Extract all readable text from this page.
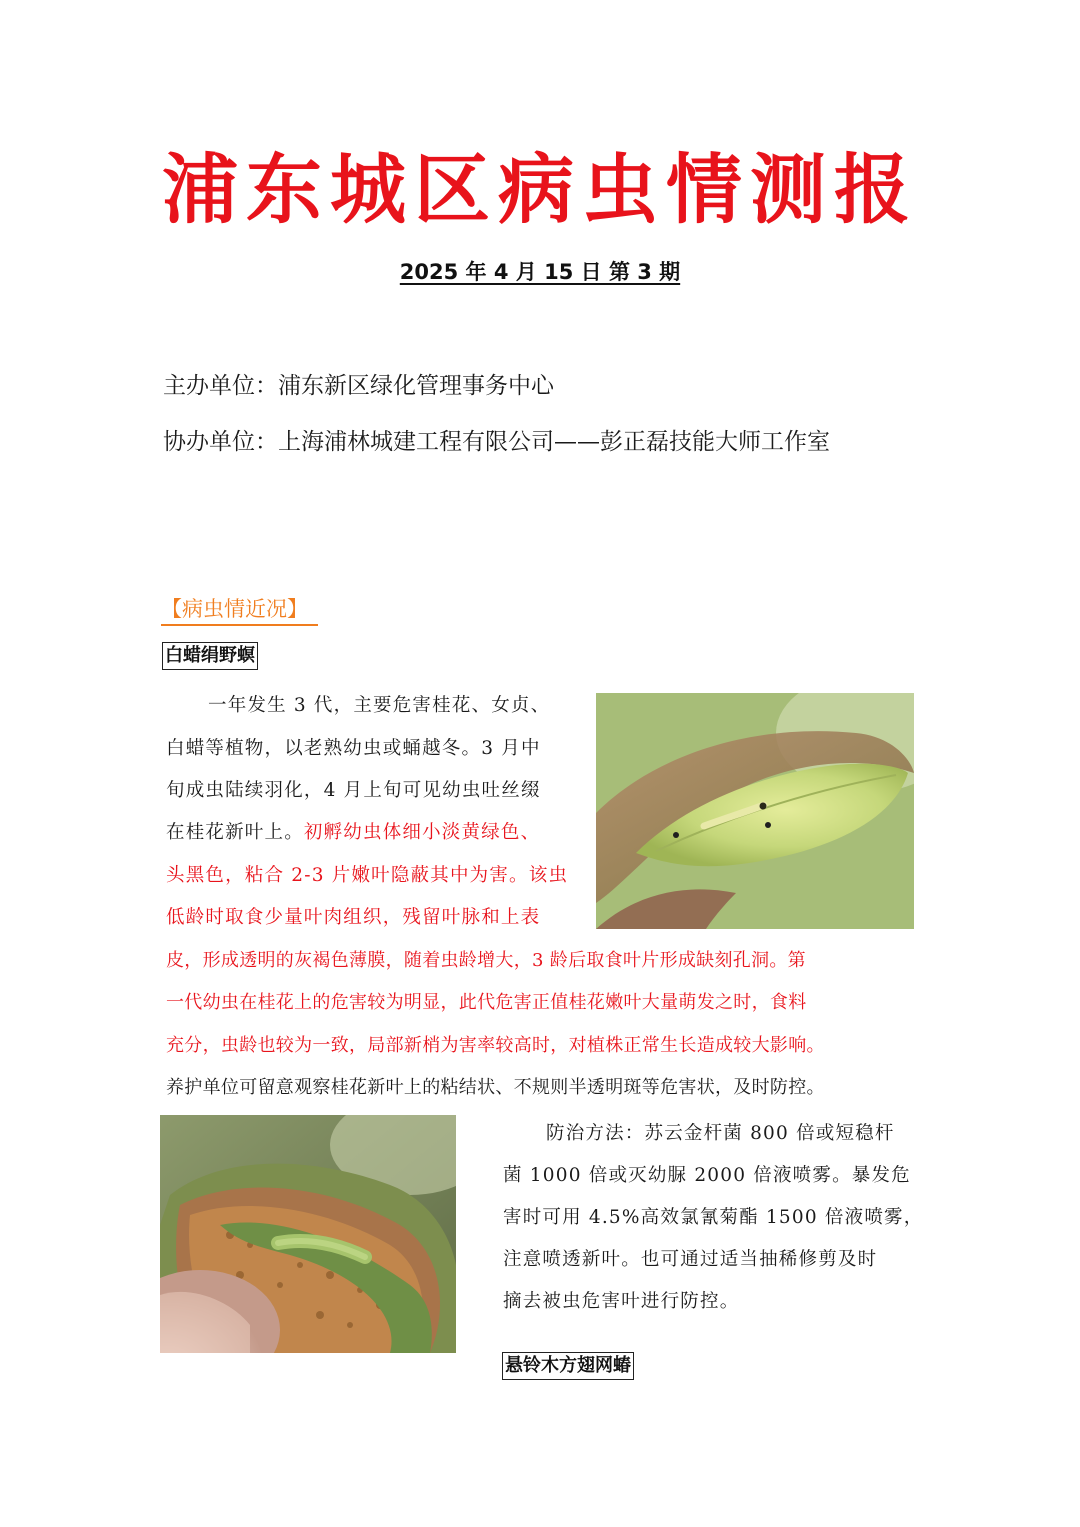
浦东城区病虫情测报
2025 年 4 月 15 日 第 3 期
主办单位：浦东新区绿化管理事务中心
协办单位：上海浦林城建工程有限公司——彭正磊技能大师工作室
【病虫情近况】
白蜡绢野螟
一年发生 3 代，主要危害桂花、女贞、
白蜡等植物，以老熟幼虫或蛹越冬。3 月中
旬成虫陆续羽化，4 月上旬可见幼虫吐丝缀
在桂花新叶上。初孵幼虫体细小淡黄绿色、
头黑色，粘合 2-3 片嫩叶隐蔽其中为害。该虫
低龄时取食少量叶肉组织，残留叶脉和上表
皮，形成透明的灰褐色薄膜，随着虫龄增大，3 龄后取食叶片形成缺刻孔洞。第
一代幼虫在桂花上的危害较为明显，此代危害正值桂花嫩叶大量萌发之时，食料
充分，虫龄也较为一致，局部新梢为害率较高时，对植株正常生长造成较大影响。
养护单位可留意观察桂花新叶上的粘结状、不规则半透明斑等危害状，及时防控。
防治方法：苏云金杆菌 800 倍或短稳杆
菌 1000 倍或灭幼脲 2000 倍液喷雾。暴发危
害时可用 4.5%高效氯氰菊酯 1500 倍液喷雾，
注意喷透新叶。也可通过适当抽稀修剪及时
摘去被虫危害叶进行防控。
悬铃木方翅网蝽
